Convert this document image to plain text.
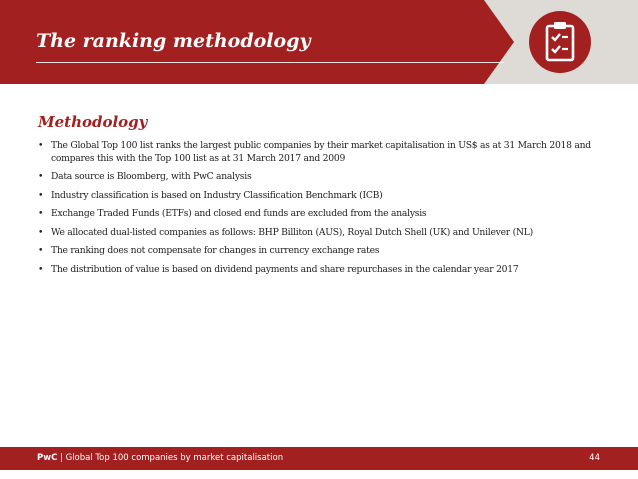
The ranking methodology
Methodology
• The Global Top 100 list ranks the largest public companies by their market capitalisation in US$ as at 31 March 2018 and compares this with the Top 100 list as at 31 March 2017 and 2009
• Data source is Bloomberg, with PwC analysis
• Industry classification is based on Industry Classification Benchmark (ICB)
• Exchange Traded Funds (ETFs) and closed end funds are excluded from the analysis
• We allocated dual-listed companies as follows: BHP Billiton (AUS), Royal Dutch Shell (UK) and Unilever (NL)
• The ranking does not compensate for changes in currency exchange rates
• The distribution of value is based on dividend payments and share repurchases in the calendar year 2017
PwC | Global Top 100 companies by market capitalisation	44
